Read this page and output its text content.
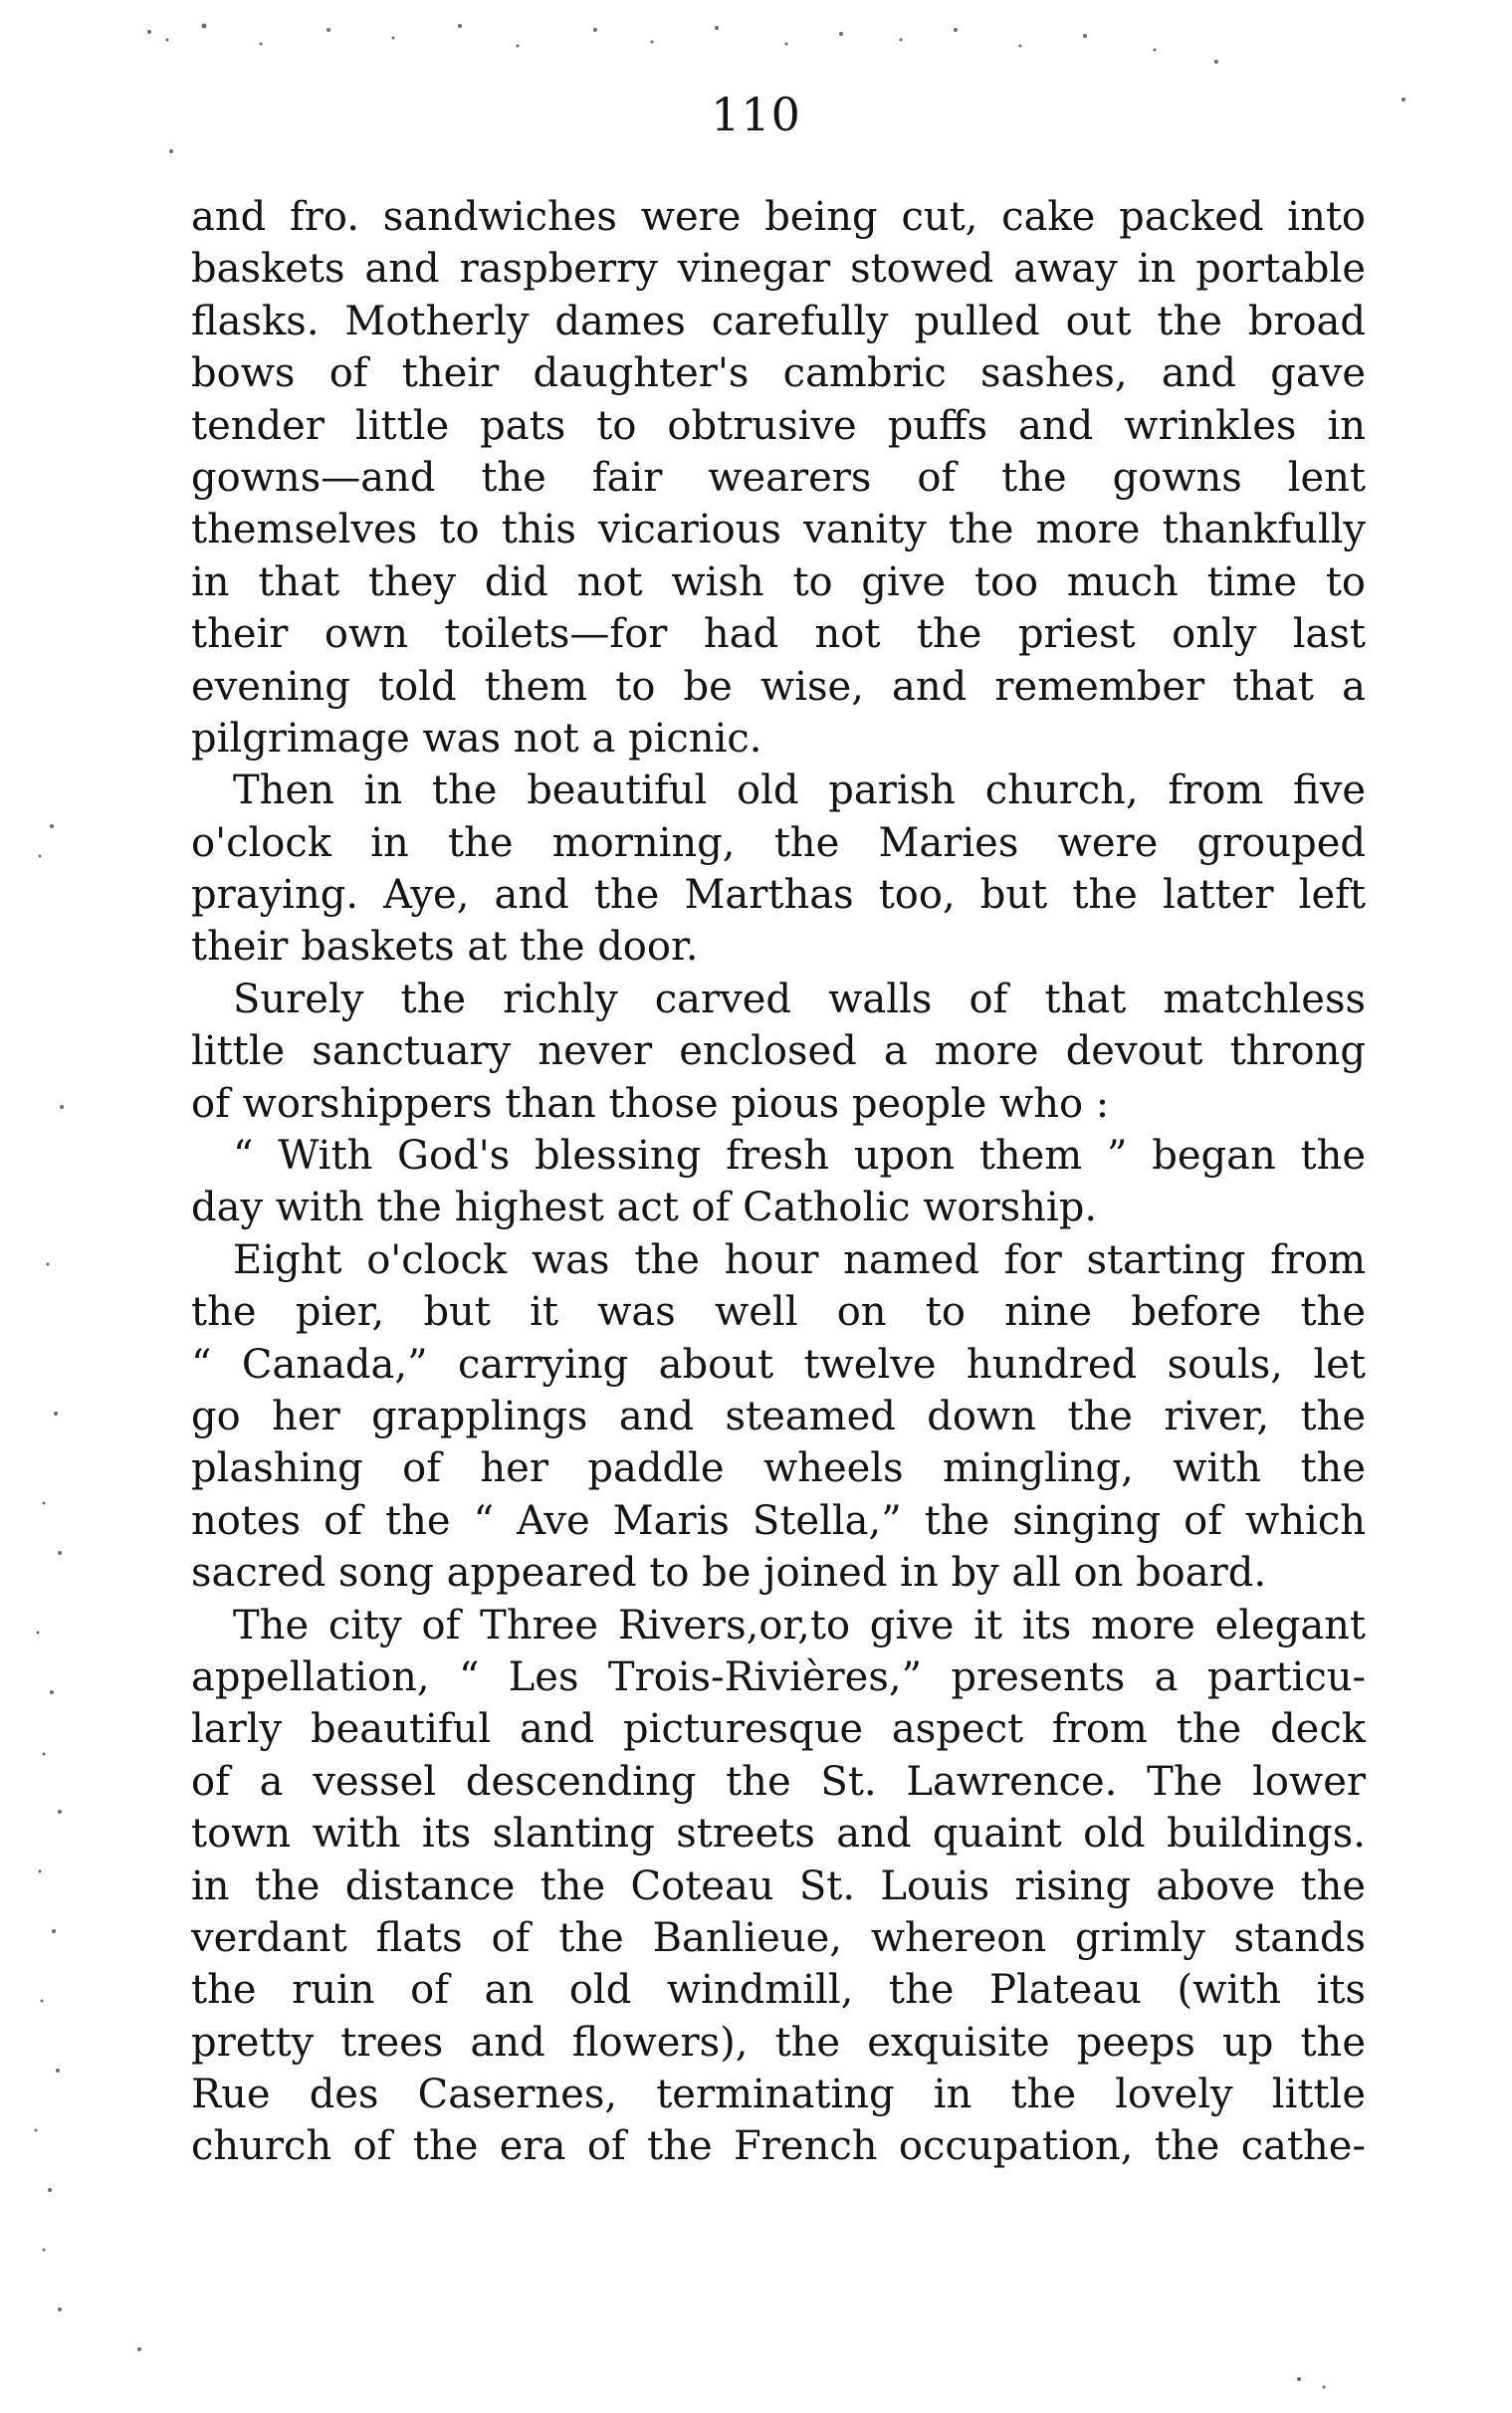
110
and fro. sandwiches were being cut, cake packed into
baskets and raspberry vinegar stowed away in portable
flasks. Motherly dames carefully pulled out the broad
bows of their daughter's cambric sashes, and gave
tender little pats to obtrusive puffs and wrinkles in
gowns—and the fair wearers of the gowns lent
themselves to this vicarious vanity the more thankfully
in that they did not wish to give too much time to
their own toilets—for had not the priest only last
evening told them to be wise, and remember that a
pilgrimage was not a picnic.
Then in the beautiful old parish church, from five
o'clock in the morning, the Maries were grouped
praying. Aye, and the Marthas too, but the latter left
their baskets at the door.
Surely the richly carved walls of that matchless
little sanctuary never enclosed a more devout throng
of worshippers than those pious people who :
“ With God's blessing fresh upon them ” began the
day with the highest act of Catholic worship.
Eight o'clock was the hour named for starting from
the pier, but it was well on to nine before the
“ Canada,” carrying about twelve hundred souls, let
go her grapplings and steamed down the river, the
plashing of her paddle wheels mingling, with the
notes of the “ Ave Maris Stella,” the singing of which
sacred song appeared to be joined in by all on board.
The city of Three Rivers,or,to give it its more elegant
appellation, “ Les Trois-Rivières,” presents a particu-
larly beautiful and picturesque aspect from the deck
of a vessel descending the St. Lawrence. The lower
town with its slanting streets and quaint old buildings.
in the distance the Coteau St. Louis rising above the
verdant flats of the Banlieue, whereon grimly stands
the ruin of an old windmill, the Plateau (with its
pretty trees and flowers), the exquisite peeps up the
Rue des Casernes, terminating in the lovely little
church of the era of the French occupation, the cathe-
